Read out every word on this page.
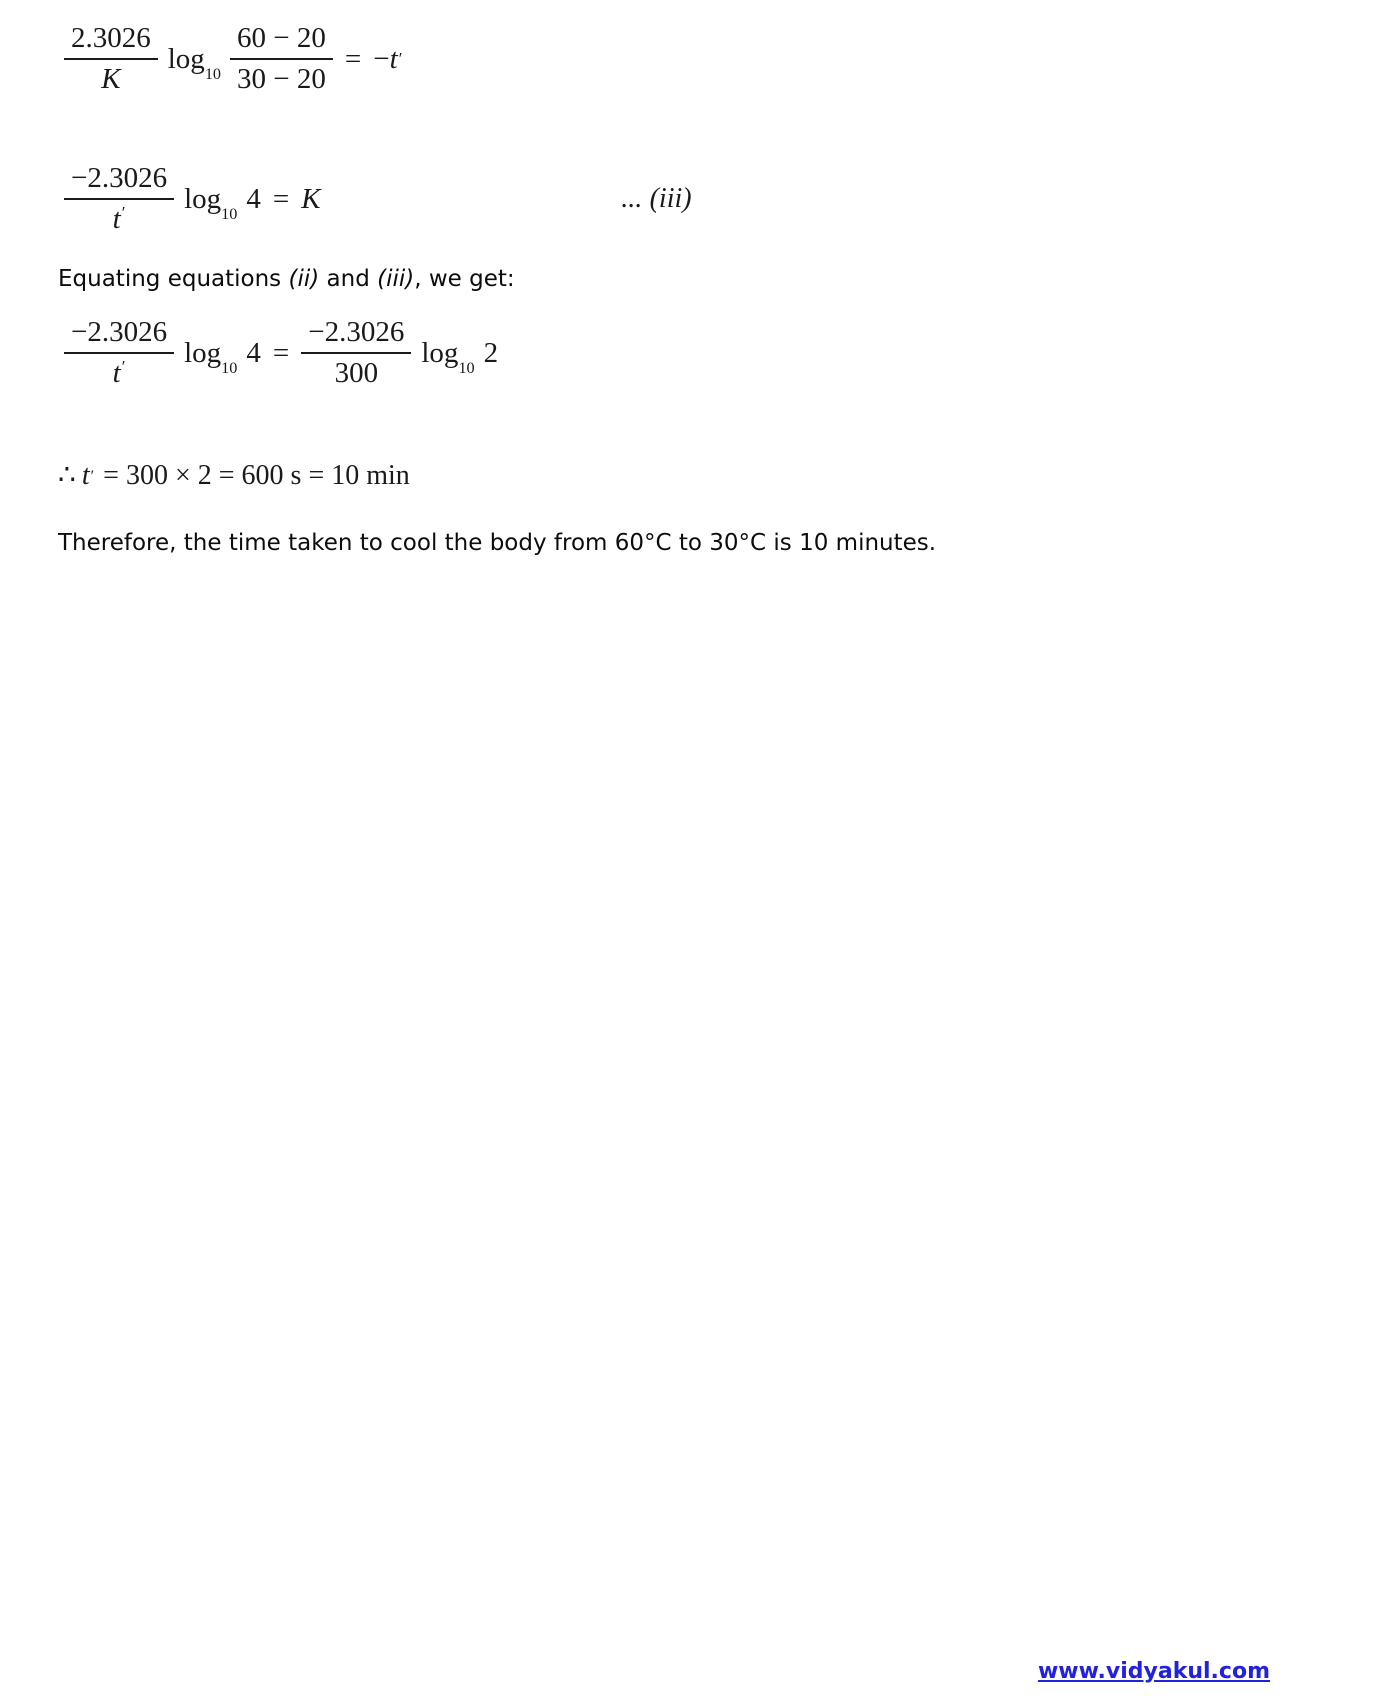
$\frac{2.3026}{K} \log_{10} \frac{60 - 20}{30 - 20}$ = − t ′
$\frac{-2.3026}{t'} \log_{10} 4 = K$	... (iii)
Equating equations (ii) and (iii), we get:
$\frac{-2.3026}{t'} \log_{10} 4 = \frac{-2.3026}{300} \log_{10} 2$
∴ t ′ = 300 × 2 = 600 s = 10 min
Therefore, the time taken to cool the body from 60°C to 30°C is 10 minutes.
www.vidyakul.com
